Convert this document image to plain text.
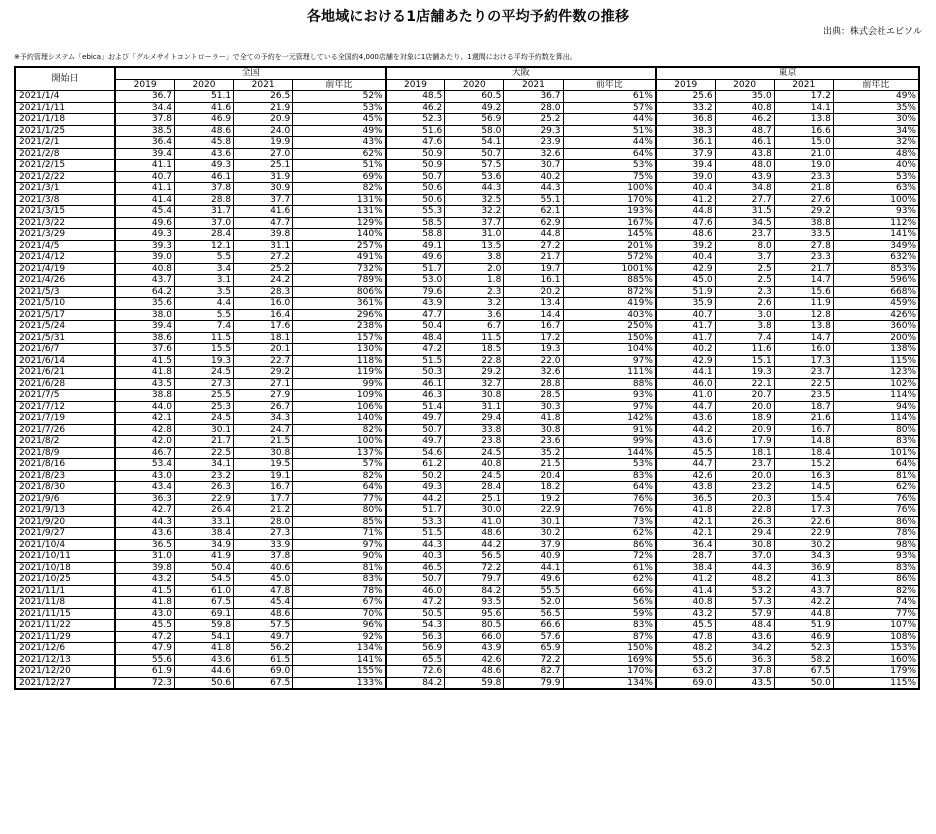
各地域における1店舗あたりの平均予約件数の推移
出典：株式会社エビソル
※予約管理システム「ebica」および「グルメサイトコントローラー」で全ての予約を一元管理している全国約4,000店舗を対象に1店舗あたり、1週間における平均予約数を算出。
開始日	全国				大阪				東京			
	2019	2020	2021	前年比	2019	2020	2021	前年比	2019	2020	2021	前年比
2021/1/4	36.7	51.1	26.5	52%	48.5	60.5	36.7	61%	25.6	35.0	17.2	49%
2021/1/11	34.4	41.6	21.9	53%	46.2	49.2	28.0	57%	33.2	40.8	14.1	35%
2021/1/18	37.8	46.9	20.9	45%	52.3	56.9	25.2	44%	36.8	46.2	13.8	30%
2021/1/25	38.5	48.6	24.0	49%	51.6	58.0	29.3	51%	38.3	48.7	16.6	34%
2021/2/1	36.4	45.8	19.9	43%	47.6	54.1	23.9	44%	36.1	46.1	15.0	32%
2021/2/8	39.4	43.6	27.0	62%	50.9	50.7	32.6	64%	37.9	43.8	21.0	48%
2021/2/15	41.1	49.3	25.1	51%	50.9	57.5	30.7	53%	39.4	48.0	19.0	40%
2021/2/22	40.7	46.1	31.9	69%	50.7	53.6	40.2	75%	39.0	43.9	23.3	53%
2021/3/1	41.1	37.8	30.9	82%	50.6	44.3	44.3	100%	40.4	34.8	21.8	63%
2021/3/8	41.4	28.8	37.7	131%	50.6	32.5	55.1	170%	41.2	27.7	27.6	100%
2021/3/15	45.4	31.7	41.6	131%	55.3	32.2	62.1	193%	44.8	31.5	29.2	93%
2021/3/22	49.6	37.0	47.7	129%	58.5	37.7	62.9	167%	47.6	34.5	38.8	112%
2021/3/29	49.3	28.4	39.8	140%	58.8	31.0	44.8	145%	48.6	23.7	33.5	141%
2021/4/5	39.3	12.1	31.1	257%	49.1	13.5	27.2	201%	39.2	8.0	27.8	349%
2021/4/12	39.0	5.5	27.2	491%	49.6	3.8	21.7	572%	40.4	3.7	23.3	632%
2021/4/19	40.8	3.4	25.2	732%	51.7	2.0	19.7	1001%	42.9	2.5	21.7	853%
2021/4/26	43.7	3.1	24.2	789%	53.0	1.8	16.1	885%	45.0	2.5	14.7	596%
2021/5/3	64.2	3.5	28.3	806%	79.6	2.3	20.2	872%	51.9	2.3	15.6	668%
2021/5/10	35.6	4.4	16.0	361%	43.9	3.2	13.4	419%	35.9	2.6	11.9	459%
2021/5/17	38.0	5.5	16.4	296%	47.7	3.6	14.4	403%	40.7	3.0	12.8	426%
2021/5/24	39.4	7.4	17.6	238%	50.4	6.7	16.7	250%	41.7	3.8	13.8	360%
2021/5/31	38.6	11.5	18.1	157%	48.4	11.5	17.2	150%	41.7	7.4	14.7	200%
2021/6/7	37.6	15.5	20.1	130%	47.2	18.5	19.3	104%	40.2	11.6	16.0	138%
2021/6/14	41.5	19.3	22.7	118%	51.5	22.8	22.0	97%	42.9	15.1	17.3	115%
2021/6/21	41.8	24.5	29.2	119%	50.3	29.2	32.6	111%	44.1	19.3	23.7	123%
2021/6/28	43.5	27.3	27.1	99%	46.1	32.7	28.8	88%	46.0	22.1	22.5	102%
2021/7/5	38.8	25.5	27.9	109%	46.3	30.8	28.5	93%	41.0	20.7	23.5	114%
2021/7/12	44.0	25.3	26.7	106%	51.4	31.1	30.3	97%	44.7	20.0	18.7	94%
2021/7/19	42.1	24.5	34.3	140%	49.7	29.4	41.8	142%	43.6	18.9	21.6	114%
2021/7/26	42.8	30.1	24.7	82%	50.7	33.8	30.8	91%	44.2	20.9	16.7	80%
2021/8/2	42.0	21.7	21.5	100%	49.7	23.8	23.6	99%	43.6	17.9	14.8	83%
2021/8/9	46.7	22.5	30.8	137%	54.6	24.5	35.2	144%	45.5	18.1	18.4	101%
2021/8/16	53.4	34.1	19.5	57%	61.2	40.8	21.5	53%	44.7	23.7	15.2	64%
2021/8/23	43.0	23.2	19.1	82%	50.2	24.5	20.4	83%	42.6	20.0	16.3	81%
2021/8/30	43.4	26.3	16.7	64%	49.3	28.4	18.2	64%	43.8	23.2	14.5	62%
2021/9/6	36.3	22.9	17.7	77%	44.2	25.1	19.2	76%	36.5	20.3	15.4	76%
2021/9/13	42.7	26.4	21.2	80%	51.7	30.0	22.9	76%	41.8	22.8	17.3	76%
2021/9/20	44.3	33.1	28.0	85%	53.3	41.0	30.1	73%	42.1	26.3	22.6	86%
2021/9/27	43.6	38.4	27.3	71%	51.5	48.6	30.2	62%	42.1	29.4	22.9	78%
2021/10/4	36.5	34.9	33.9	97%	44.3	44.2	37.9	86%	36.4	30.8	30.2	98%
2021/10/11	31.0	41.9	37.8	90%	40.3	56.5	40.9	72%	28.7	37.0	34.3	93%
2021/10/18	39.8	50.4	40.6	81%	46.5	72.2	44.1	61%	38.4	44.3	36.9	83%
2021/10/25	43.2	54.5	45.0	83%	50.7	79.7	49.6	62%	41.2	48.2	41.3	86%
2021/11/1	41.5	61.0	47.8	78%	46.0	84.2	55.5	66%	41.4	53.2	43.7	82%
2021/11/8	41.8	67.5	45.4	67%	47.2	93.5	52.0	56%	40.8	57.3	42.2	74%
2021/11/15	43.0	69.1	48.6	70%	50.5	95.6	56.5	59%	43.2	57.9	44.8	77%
2021/11/22	45.5	59.8	57.5	96%	54.3	80.5	66.6	83%	45.5	48.4	51.9	107%
2021/11/29	47.2	54.1	49.7	92%	56.3	66.0	57.6	87%	47.8	43.6	46.9	108%
2021/12/6	47.9	41.8	56.2	134%	56.9	43.9	65.9	150%	48.2	34.2	52.3	153%
2021/12/13	55.6	43.6	61.5	141%	65.5	42.6	72.2	169%	55.6	36.3	58.2	160%
2021/12/20	61.9	44.6	69.0	155%	72.6	48.6	82.7	170%	63.2	37.8	67.5	179%
2021/12/27	72.3	50.6	67.5	133%	84.2	59.8	79.9	134%	69.0	43.5	50.0	115%
